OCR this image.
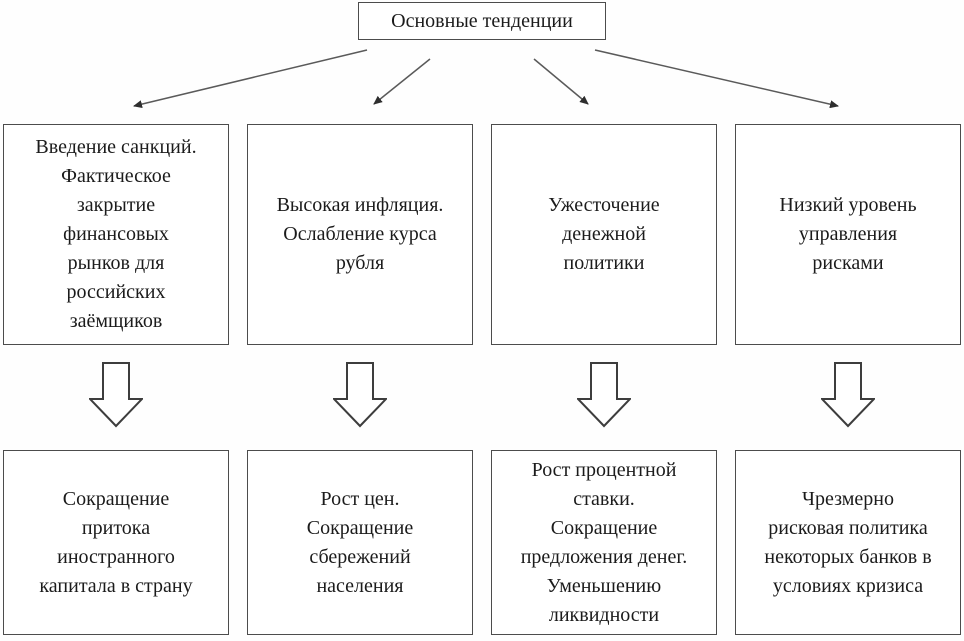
Основные тенденции
Введение санкций.
Фактическое
закрытие
финансовых
рынков для
российских
заёмщиков
Высокая инфляция.
Ослабление курса
рубля
Ужесточение
денежной
политики
Низкий уровень
управления
рисками
Сокращение
притока
иностранного
капитала в страну
Рост цен.
Сокращение
сбережений
населения
Рост процентной
ставки.
Сокращение
предложения денег.
Уменьшению
ликвидности
Чрезмерно
рисковая политика
некоторых банков в
условиях кризиса
